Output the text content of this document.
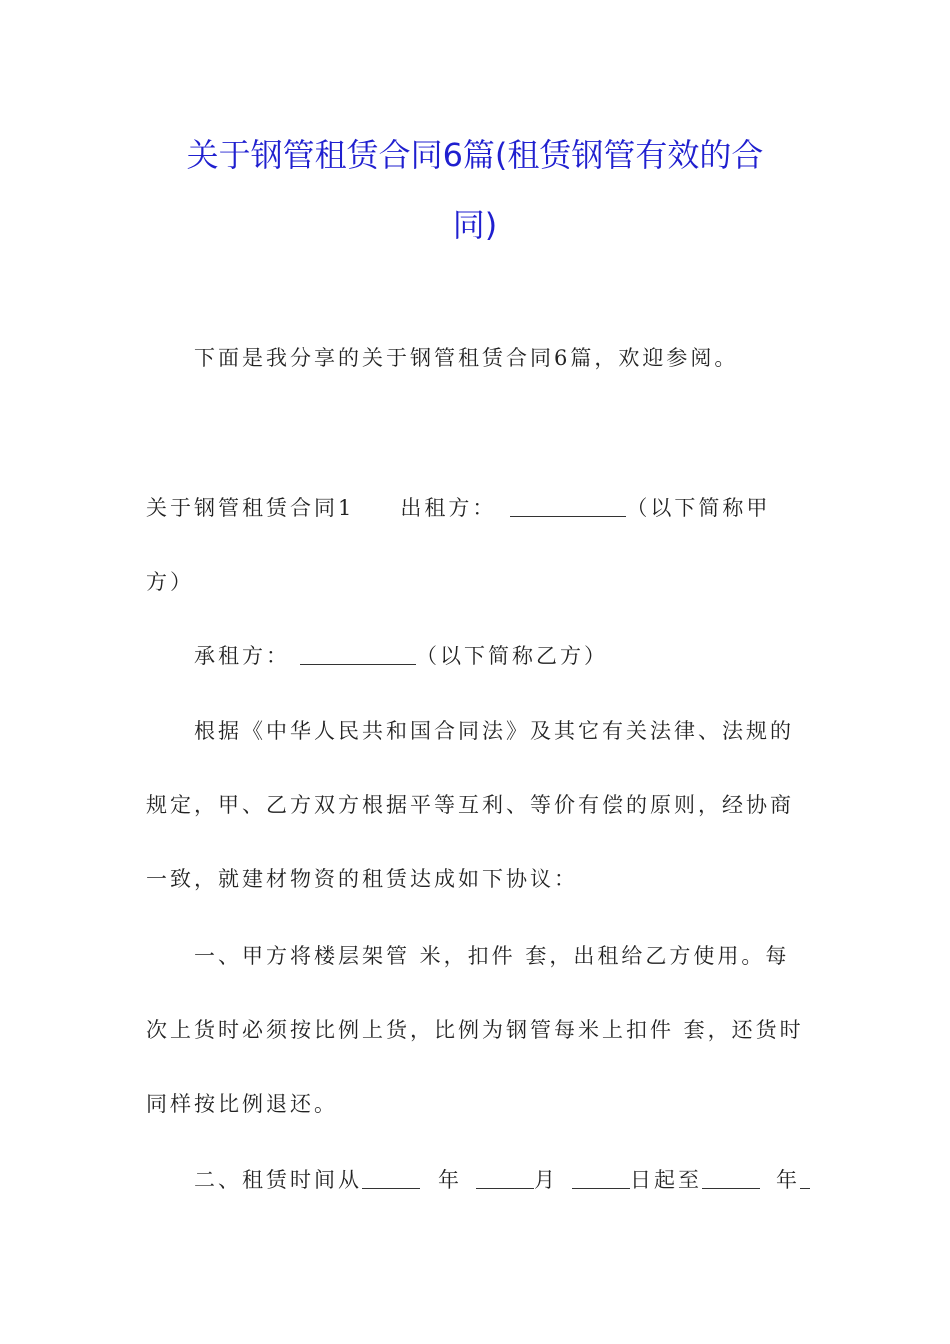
关于钢管租赁合同6篇(租赁钢管有效的合
同)
下面是我分享的关于钢管租赁合同6篇，欢迎参阅。
关于钢管租赁合同1 出租方：	（以下简称甲
方）
承租方：	（以下简称乙方）
根据《中华人民共和国合同法》及其它有关法律、法规的
规定，甲、乙方双方根据平等互利、等价有偿的原则，经协商
一致，就建材物资的租赁达成如下协议：
一、甲方将楼层架管 米，扣件 套，出租给乙方使用。每
次上货时必须按比例上货，比例为钢管每米上扣件 套，还货时
同样按比例退还。
二、租赁时间从	年	月	日起至	年
